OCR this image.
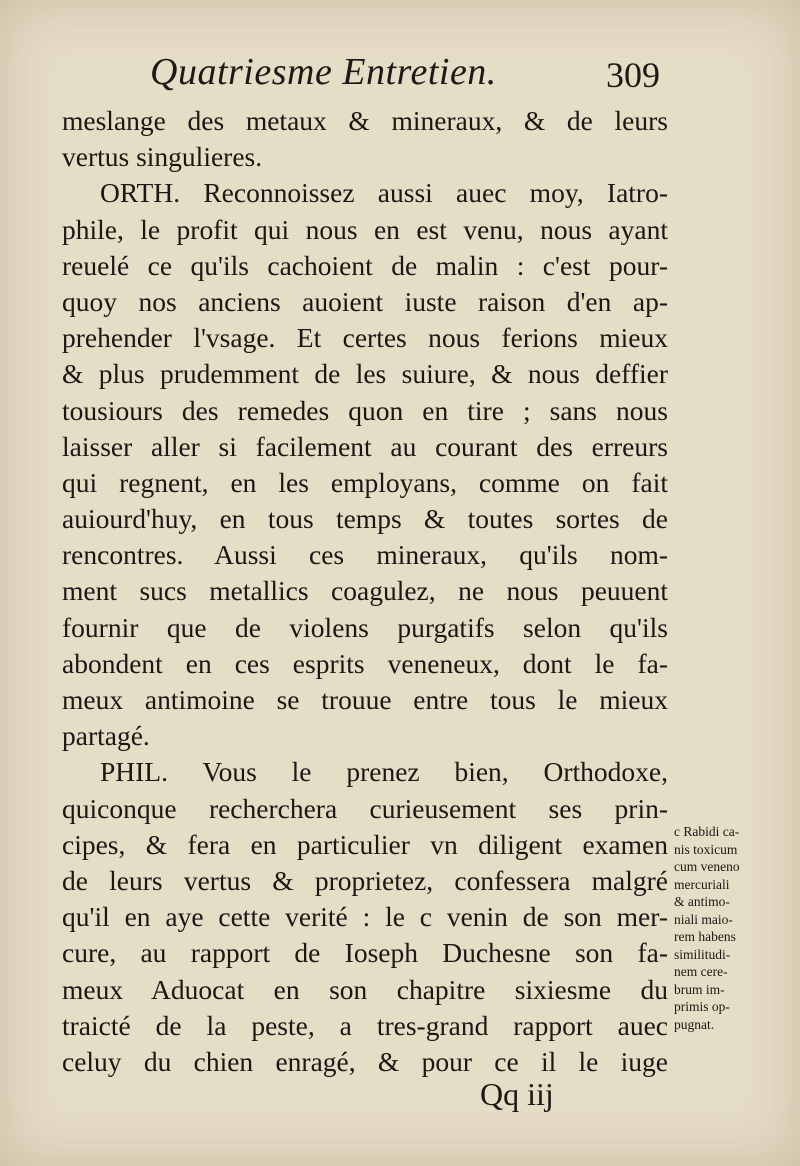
Quatriesme Entretien.	309
meslange des metaux & mineraux, & de leurs
vertus singulieres.
ORTH. Reconnoissez aussi auec moy, Iatro-
phile, le profit qui nous en est venu, nous ayant
reuelé ce qu'ils cachoient de malin : c'est pour-
quoy nos anciens auoient iuste raison d'en ap-
prehender l'vsage. Et certes nous ferions mieux
& plus prudemment de les suiure, & nous deffier
tousiours des remedes quon en tire ; sans nous
laisser aller si facilement au courant des erreurs
qui regnent, en les employans, comme on fait
auiourd'huy, en tous temps & toutes sortes de
rencontres. Aussi ces mineraux, qu'ils nom-
ment sucs metallics coagulez, ne nous peuuent
fournir que de violens purgatifs selon qu'ils
abondent en ces esprits veneneux, dont le fa-
meux antimoine se trouue entre tous le mieux
partagé.
PHIL. Vous le prenez bien, Orthodoxe,
quiconque recherchera curieusement ses prin-
cipes, & fera en particulier vn diligent examen
de leurs vertus & proprietez, confessera malgré
qu'il en aye cette verité : le c venin de son mer-
cure, au rapport de Ioseph Duchesne son fa-
meux Aduocat en son chapitre sixiesme du
traicté de la peste, a tres-grand rapport auec
celuy du chien enragé, & pour ce il le iuge
c Rabidi ca-
nis toxicum
cum veneno
mercuriali
& antimo-
niali maio-
rem habens
similitudi-
nem cere-
brum im-
primis op-
pugnat.
Qq iij
